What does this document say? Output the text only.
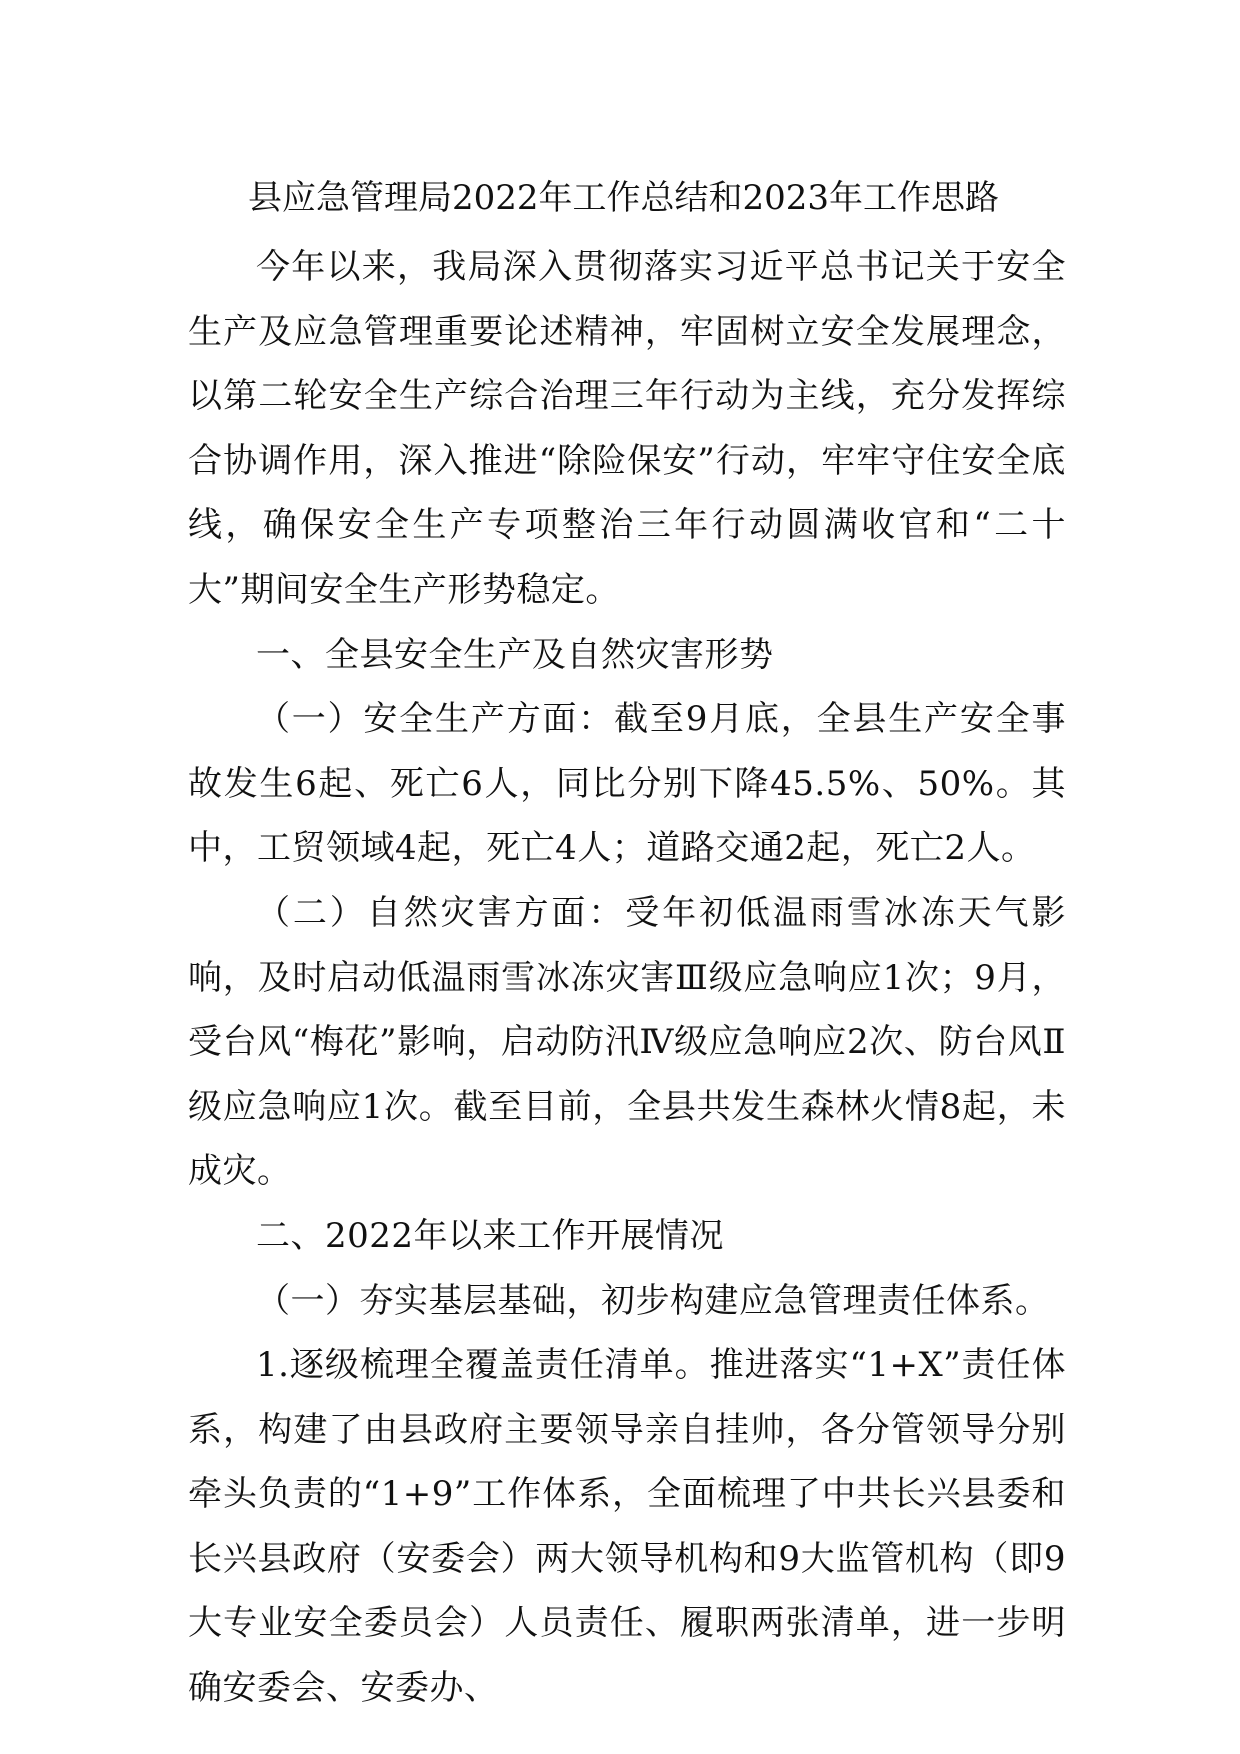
县应急管理局2022年工作总结和2023年工作思路

今年以来，我局深入贯彻落实习近平总书记关于安全生产及应急管理重要论述精神，牢固树立安全发展理念，以第二轮安全生产综合治理三年行动为主线，充分发挥综合协调作用，深入推进“除险保安”行动，牢牢守住安全底线，确保安全生产专项整治三年行动圆满收官和“二十大”期间安全生产形势稳定。

一、全县安全生产及自然灾害形势

（一）安全生产方面：截至9月底，全县生产安全事故发生6起、死亡6人，同比分别下降45.5%、50%。其中，工贸领域4起，死亡4人；道路交通2起，死亡2人。

（二）自然灾害方面：受年初低温雨雪冰冻天气影响，及时启动低温雨雪冰冻灾害Ⅲ级应急响应1次；9月，受台风“梅花”影响，启动防汛Ⅳ级应急响应2次、防台风Ⅱ级应急响应1次。截至目前，全县共发生森林火情8起，未成灾。

二、2022年以来工作开展情况

（一）夯实基层基础，初步构建应急管理责任体系。

1.逐级梳理全覆盖责任清单。推进落实“1+X”责任体系，构建了由县政府主要领导亲自挂帅，各分管领导分别牵头负责的“1+9”工作体系，全面梳理了中共长兴县委和长兴县政府（安委会）两大领导机构和9大监管机构（即9大专业安全委员会）人员责任、履职两张清单，进一步明确安委会、安委办、
